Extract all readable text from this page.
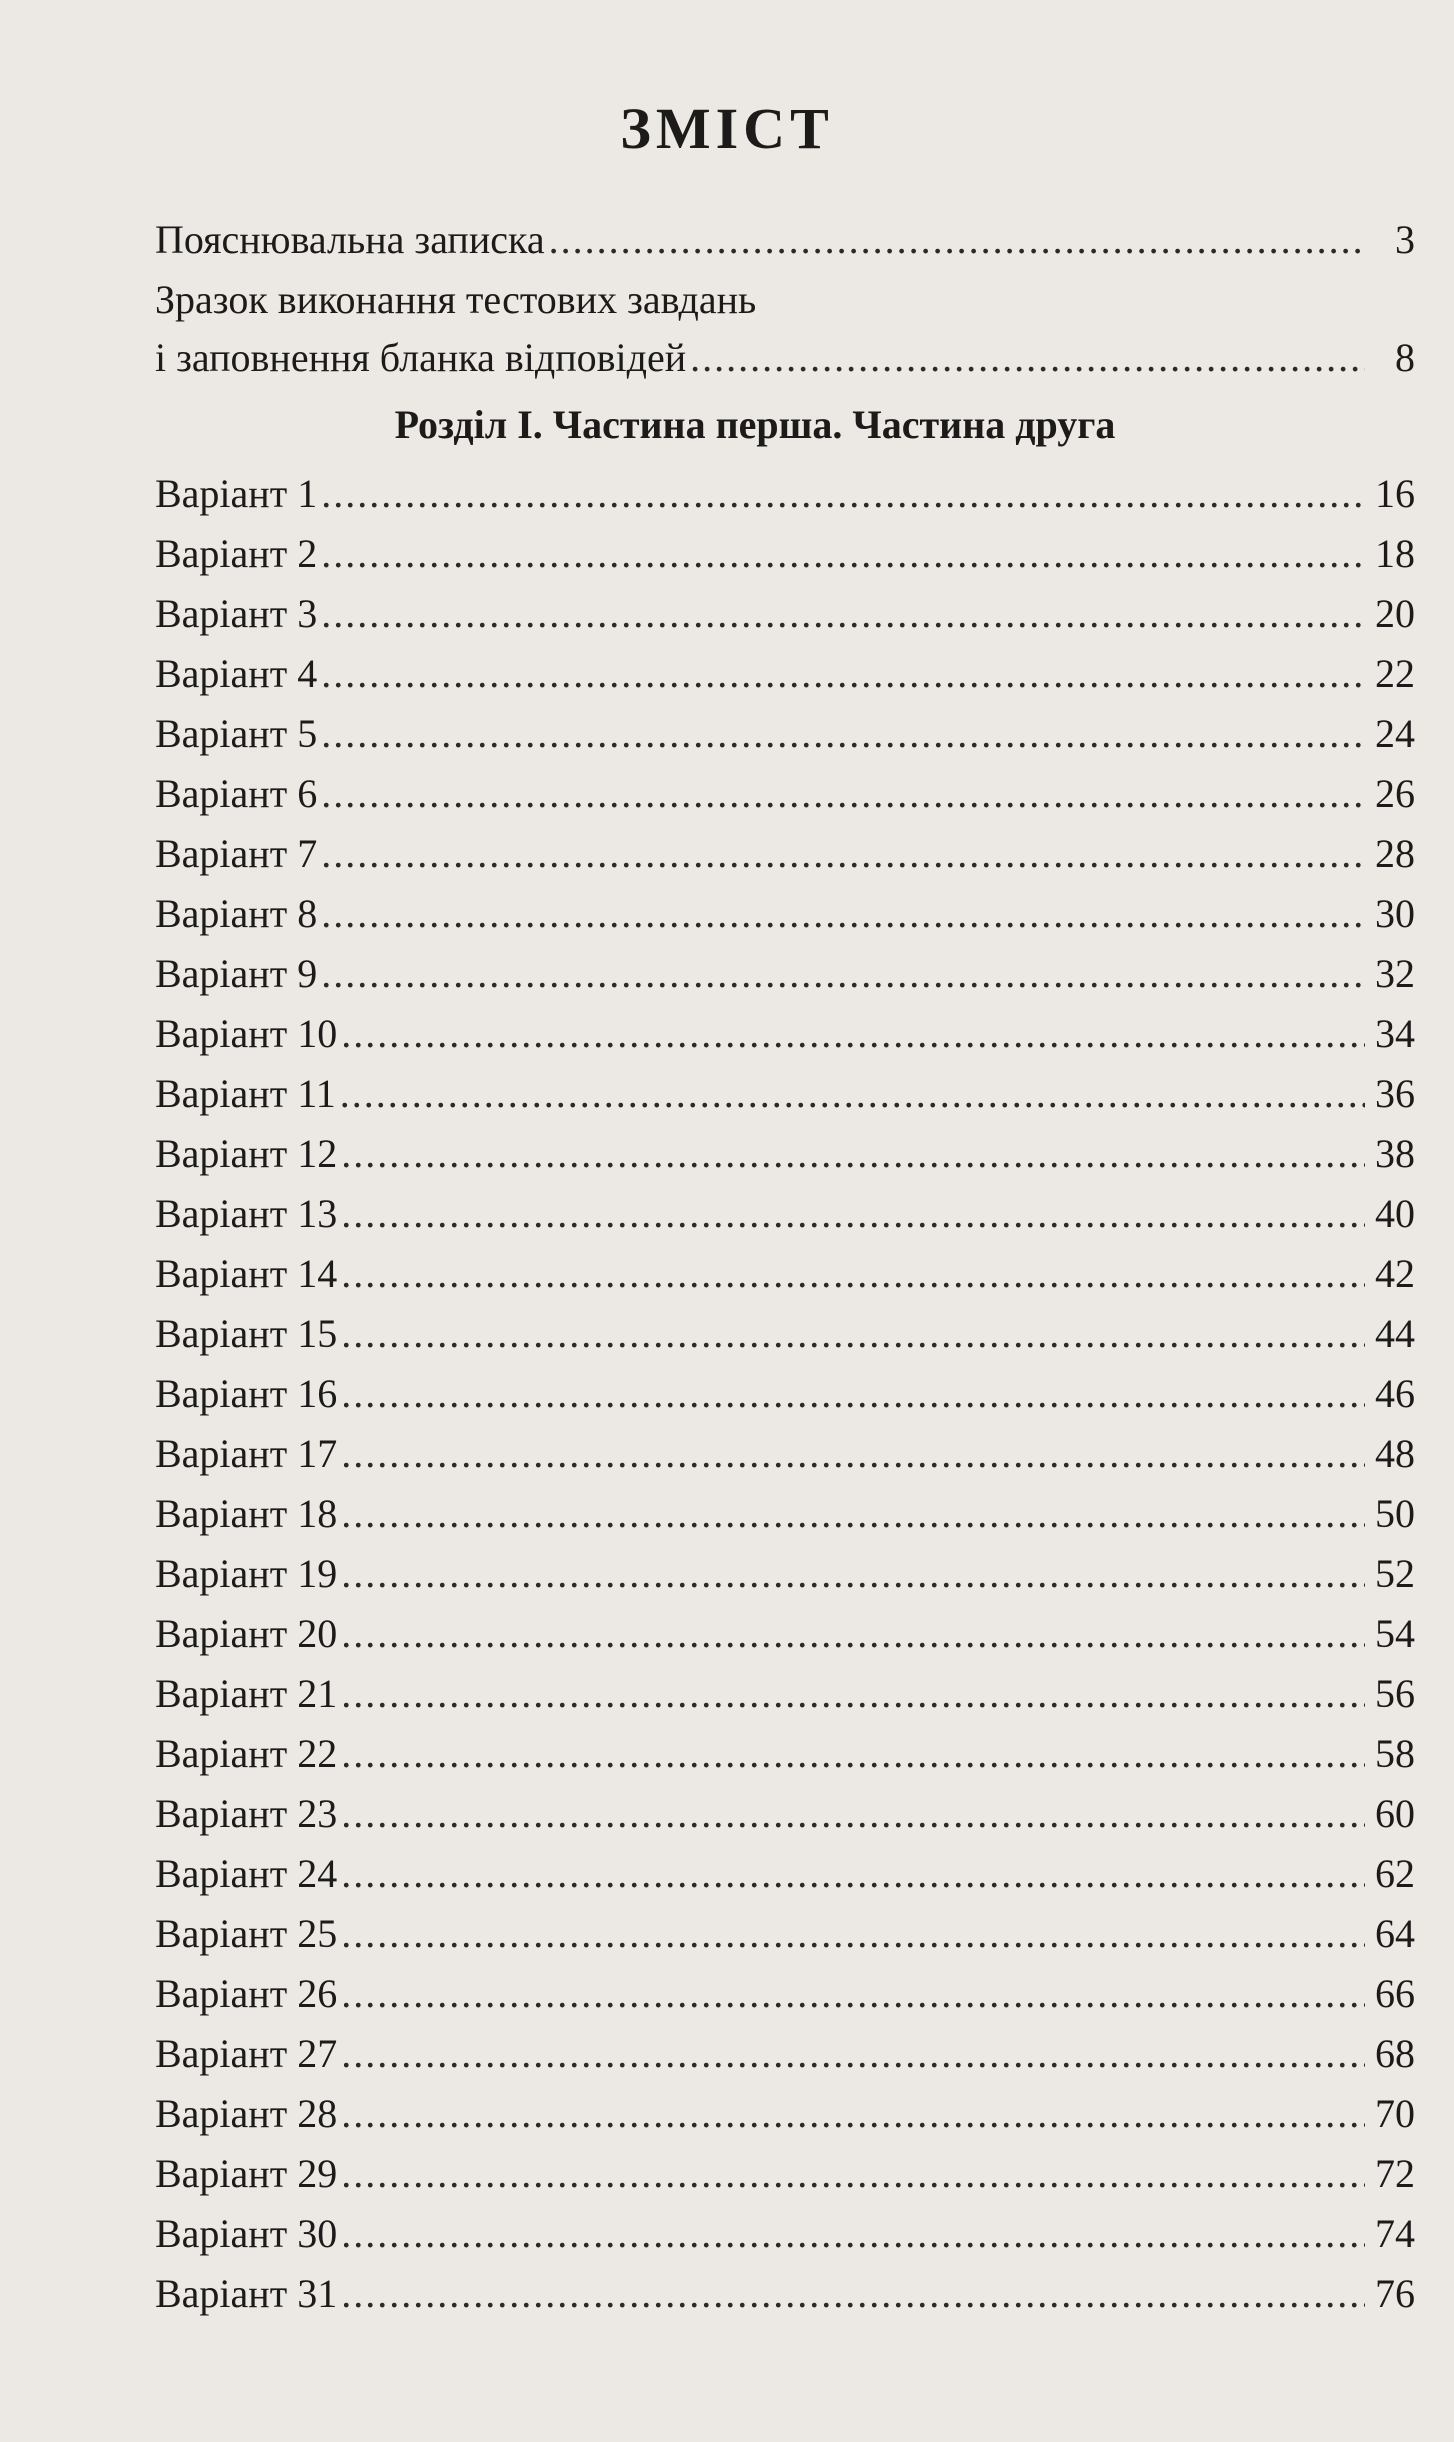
ЗМІСТ
Пояснювальна записка .....	3
Зразок виконання тестових завдань
і заповнення бланка відповідей .....	8
Розділ І. Частина перша. Частина друга
Варіант 1 .....	16
Варіант 2 .....	18
Варіант 3 .....	20
Варіант 4 .....	22
Варіант 5 .....	24
Варіант 6 .....	26
Варіант 7 .....	28
Варіант 8 .....	30
Варіант 9 .....	32
Варіант 10 .....	34
Варіант 11 .....	36
Варіант 12 .....	38
Варіант 13 .....	40
Варіант 14 .....	42
Варіант 15 .....	44
Варіант 16 .....	46
Варіант 17 .....	48
Варіант 18 .....	50
Варіант 19 .....	52
Варіант 20 .....	54
Варіант 21 .....	56
Варіант 22 .....	58
Варіант 23 .....	60
Варіант 24 .....	62
Варіант 25 .....	64
Варіант 26 .....	66
Варіант 27 .....	68
Варіант 28 .....	70
Варіант 29 .....	72
Варіант 30 .....	74
Варіант 31 .....	76
